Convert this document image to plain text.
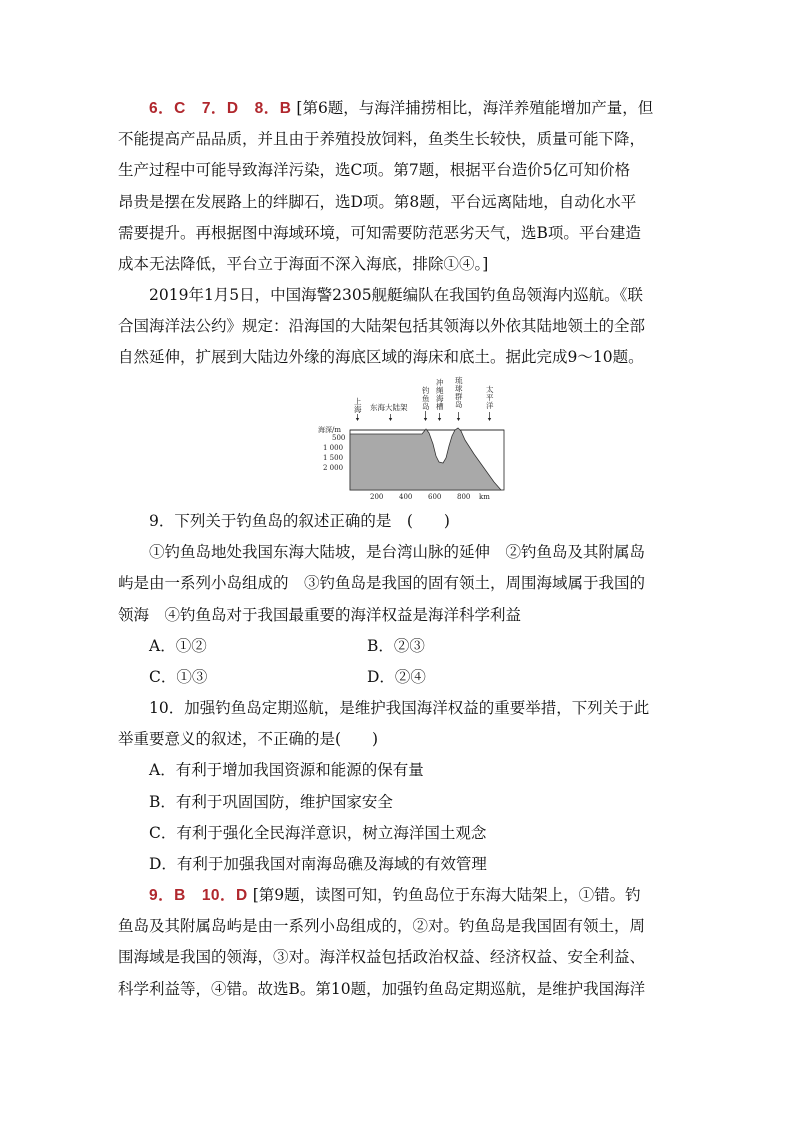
6．C　7．D　8．B [第6题，与海洋捕捞相比，海洋养殖能增加产量，但
不能提高产品品质，并且由于养殖投放饲料，鱼类生长较快，质量可能下降，
生产过程中可能导致海洋污染，选C项。第7题，根据平台造价5亿可知价格
昂贵是摆在发展路上的绊脚石，选D项。第8题，平台远离陆地，自动化水平
需要提升。再根据图中海域环境，可知需要防范恶劣天气，选B项。平台建造
成本无法降低，平台立于海面不深入海底，排除①④。]
2019年1月5日，中国海警2305舰艇编队在我国钓鱼岛领海内巡航。《联
合国海洋法公约》规定：沿海国的大陆架包括其领海以外依其陆地领土的全部
自然延伸，扩展到大陆边外缘的海底区域的海床和底土。据此完成9～10题。
上 海	东海大陆架
钓鱼岛
冲绳海槽
琉球群岛
太平洋
海深/m
500
1 000
1 500
2 000
200 400 600 800 km
9．下列关于钓鱼岛的叙述正确的是　(　　)
①钓鱼岛地处我国东海大陆坡，是台湾山脉的延伸　②钓鱼岛及其附属岛
屿是由一系列小岛组成的　③钓鱼岛是我国的固有领土，周围海域属于我国的
领海　④钓鱼岛对于我国最重要的海洋权益是海洋科学利益
A．①②	B．②③
C．①③	D．②④
10．加强钓鱼岛定期巡航，是维护我国海洋权益的重要举措，下列关于此
举重要意义的叙述，不正确的是(　　)
A．有利于增加我国资源和能源的保有量
B．有利于巩固国防，维护国家安全
C．有利于强化全民海洋意识，树立海洋国土观念
D．有利于加强我国对南海岛礁及海域的有效管理
9．B　10．D [第9题，读图可知，钓鱼岛位于东海大陆架上，①错。钓
鱼岛及其附属岛屿是由一系列小岛组成的，②对。钓鱼岛是我国固有领土，周
围海域是我国的领海，③对。海洋权益包括政治权益、经济权益、安全利益、
科学利益等，④错。故选B。第10题，加强钓鱼岛定期巡航，是维护我国海洋
